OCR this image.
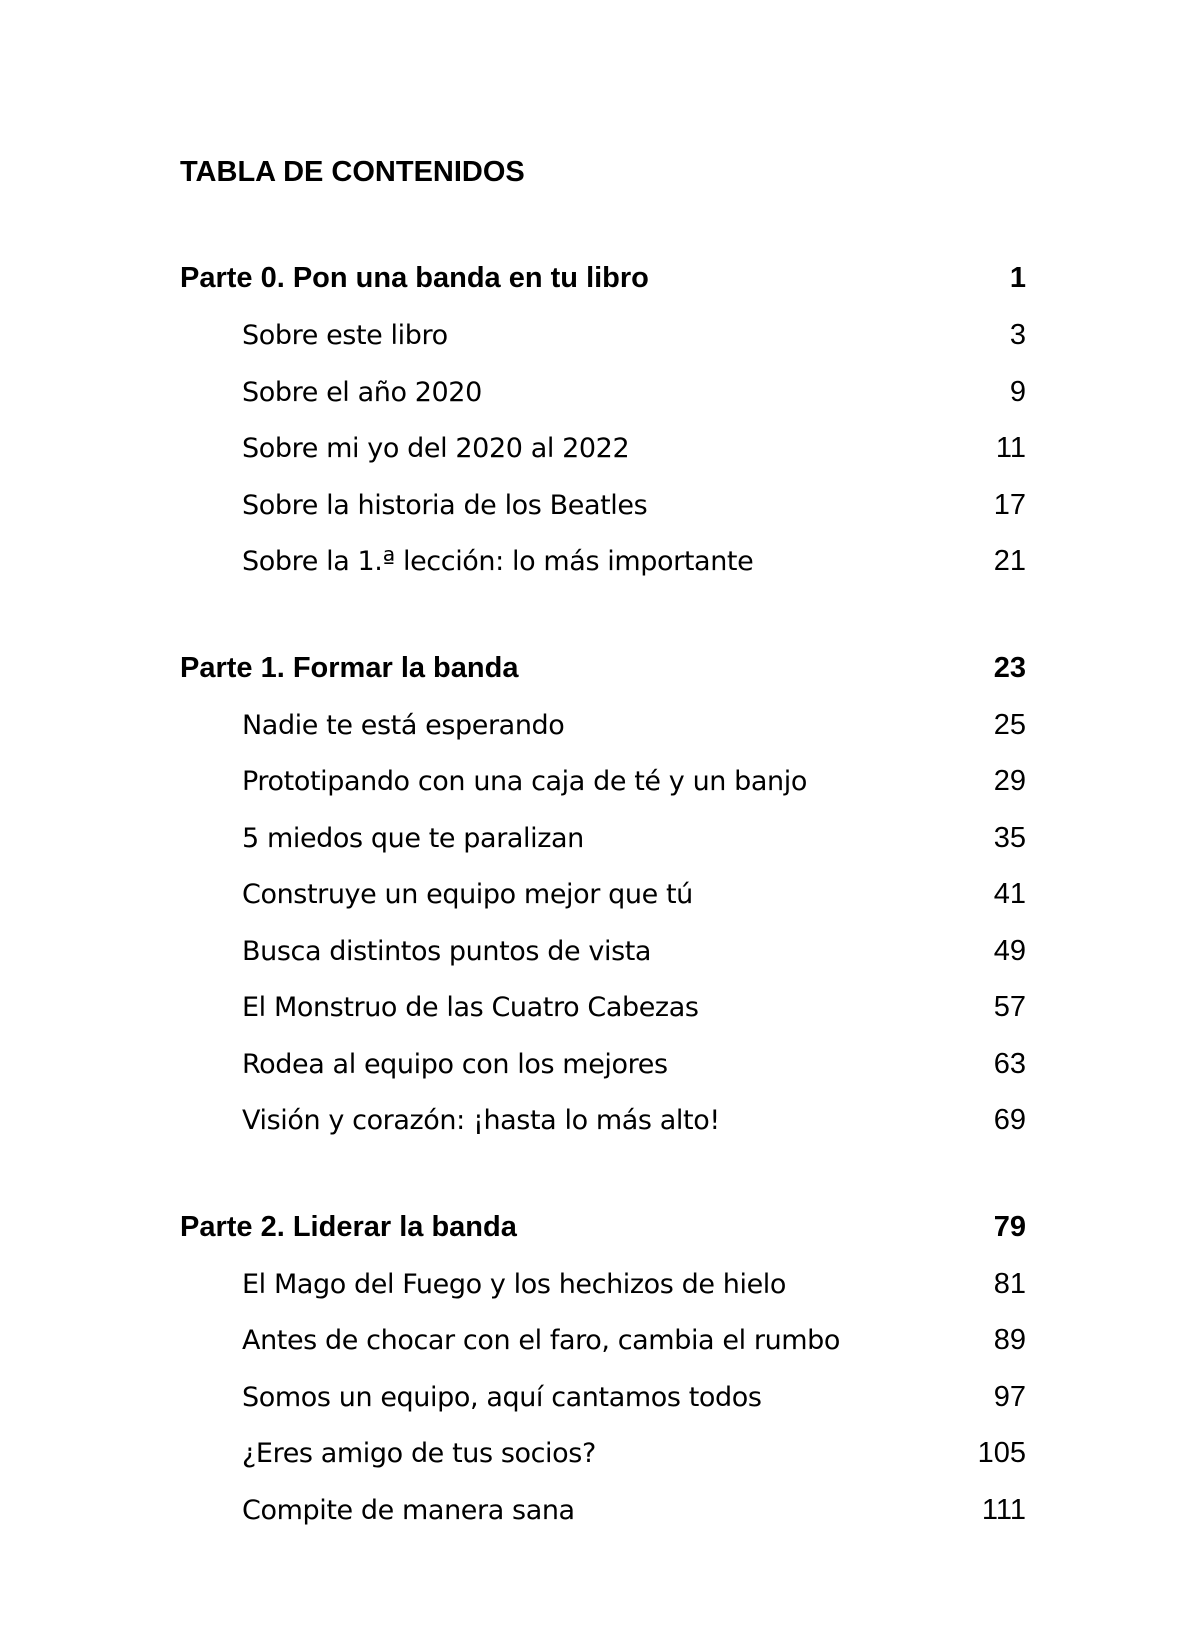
TABLA DE CONTENIDOS
Parte 0. Pon una banda en tu libro	1
Sobre este libro	3
Sobre el año 2020	9
Sobre mi yo del 2020 al 2022	11
Sobre la historia de los Beatles	17
Sobre la 1.ª lección: lo más importante	21
Parte 1. Formar la banda	23
Nadie te está esperando	25
Prototipando con una caja de té y un banjo	29
5 miedos que te paralizan	35
Construye un equipo mejor que tú	41
Busca distintos puntos de vista	49
El Monstruo de las Cuatro Cabezas	57
Rodea al equipo con los mejores	63
Visión y corazón: ¡hasta lo más alto!	69
Parte 2. Liderar la banda	79
El Mago del Fuego y los hechizos de hielo	81
Antes de chocar con el faro, cambia el rumbo	89
Somos un equipo, aquí cantamos todos	97
¿Eres amigo de tus socios?	105
Compite de manera sana	111
